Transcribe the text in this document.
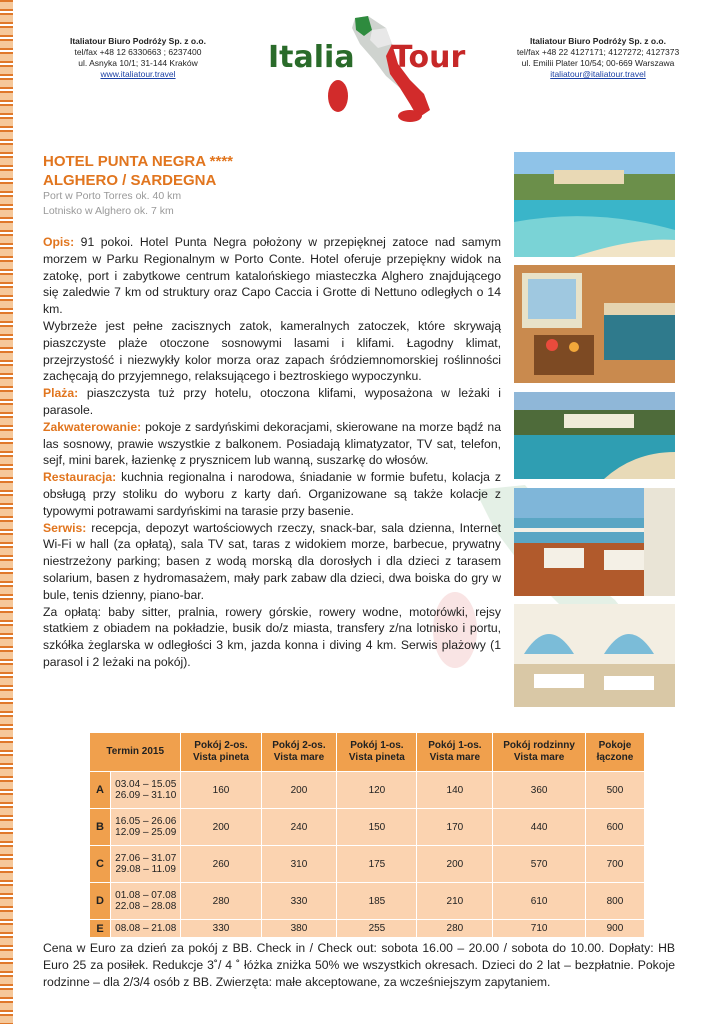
Italiatour Biuro Podróży Sp. z o.o.
tel/fax +48 12 6330663 ; 6237400
ul. Asnyka 10/1; 31-144 Kraków
www.italiatour.travel	Italia Tour	Italiatour Biuro Podróży Sp. z o.o.
tel/fax +48 22 4127171; 4127272; 4127373
ul. Emilii Plater 10/54; 00-669 Warszawa
italiatour@italiatour.travel
HOTEL PUNTA NEGRA ****
ALGHERO / SARDEGNA
Port w Porto Torres ok. 40 km
Lotnisko w Alghero ok. 7 km

Opis: 91 pokoi. Hotel Punta Negra położony w przepięknej zatoce nad samym morzem w Parku Regionalnym w Porto Conte. Hotel oferuje przepiękny widok na zatokę, port i zabytkowe centrum katalońskiego miasteczka Alghero znajdującego się zaledwie 7 km od struktury oraz Capo Caccia i Grotte di Nettuno odległych o 14 km.

Wybrzeże jest pełne zacisznych zatok, kameralnych zatoczek, które skrywają piaszczyste plaże otoczone sosnowymi lasami i klifami. Łagodny klimat, przejrzystość i niezwykły kolor morza oraz zapach śródziemnomorskiej roślinności zachęcają do przyjemnego, relaksującego i beztroskiego wypoczynku.

Plaża: piaszczysta tuż przy hotelu, otoczona klifami, wyposażona w leżaki i parasole.

Zakwaterowanie: pokoje z sardyńskimi dekoracjami, skierowane na morze bądź na las sosnowy, prawie wszystkie z balkonem. Posiadają klimatyzator, TV sat, telefon, sejf, mini barek, łazienkę z prysznicem lub wanną, suszarkę do włosów.

Restauracja: kuchnia regionalna i narodowa, śniadanie w formie bufetu, kolacja z obsługą przy stoliku do wyboru z karty dań. Organizowane są także kolacje z typowymi potrawami sardyńskimi na tarasie przy basenie.

Serwis: recepcja, depozyt wartościowych rzeczy, snack-bar, sala dzienna, Internet Wi-Fi w hall (za opłatą), sala TV sat, taras z widokiem morze, barbecue, prywatny niestrzeżony parking; basen z wodą morską dla dorosłych i dla dzieci z tarasem solarium, basen z hydromasażem, mały park zabaw dla dzieci, dwa boiska do gry w bule, tenis dzienny, piano-bar.

Za opłatą: baby sitter, pralnia, rowery górskie, rowery wodne, motorówki, rejsy statkiem z obiadem na pokładzie, busik do/z miasta, transfery z/na lotnisko i portu, szkółka żeglarska w odległości 3 km, jazda konna i diving 4 km. Serwis plażowy (1 parasol i 2 leżaki na pokój).

Termin 2015		Pokój 2-os. Vista pineta	Pokój 2-os. Vista mare	Pokój 1-os. Vista pineta	Pokój 1-os. Vista mare	Pokój rodzinny Vista mare	Pokoje łączone
A	03.04 – 15.05
26.09 – 31.10	160	200	120	140	360	500
B	16.05 – 26.06
12.09 – 25.09	200	240	150	170	440	600
C	27.06 – 31.07
29.08 – 11.09	260	310	175	200	570	700
D	01.08 – 07.08
22.08 – 28.08	280	330	185	210	610	800
E	08.08 – 21.08	330	380	255	280	710	900
Cena w Euro za dzień za pokój z BB. Check in / Check out: sobota 16.00 – 20.00 / sobota do 10.00. Dopłaty: HB Euro 25 za posiłek. Redukcje 3˚/ 4 ˚ łóżka zniżka 50% we wszystkich okresach. Dzieci do 2 lat – bezpłatnie. Pokoje rodzinne – dla 2/3/4 osób z BB. Zwierzęta: małe akceptowane, za wcześniejszym zapytaniem.
